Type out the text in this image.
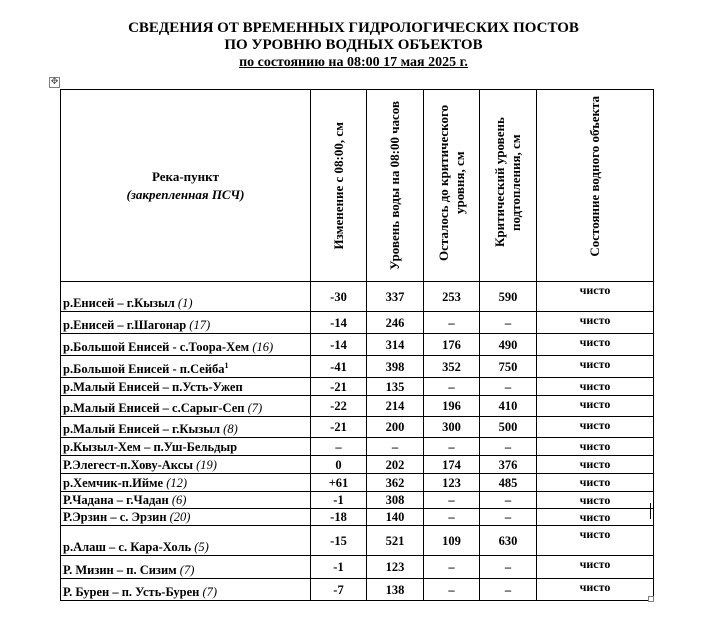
СВЕДЕНИЯ ОТ ВРЕМЕННЫХ ГИДРОЛОГИЧЕСКИХ ПОСТОВ
ПО УРОВНЮ ВОДНЫХ ОБЪЕКТОВ
по состоянию на 08:00 17 мая 2025 г.
✥
Река-пункт
(закрепленная ПСЧ)	Изменение с 08:00, см	Уровень воды на 08:00 часов	Осталось до критического уровня, см	Критический уровень подтопления, см	Состояние водного объекта

р.Енисей – г.Кызыл (1)	-30	337	253	590	чисто
р.Енисей – г.Шагонар (17)	-14	246	–	–	чисто
р.Большой Енисей - с.Тоора-Хем (16)	-14	314	176	490	чисто
р.Большой Енисей - п.Сейба$^1$	-41	398	352	750	чисто
р.Малый Енисей – п.Усть-Ужеп	-21	135	–	–	чисто
р.Малый Енисей – с.Сарыг-Сеп (7)	-22	214	196	410	чисто
р.Малый Енисей – г.Кызыл (8)	-21	200	300	500	чисто
р.Кызыл-Хем – п.Уш-Бельдыр	–	–	–	–	чисто
Р.Элегест-п.Хову-Аксы (19)	0	202	174	376	чисто
р.Хемчик-п.Ийме (12)	+61	362	123	485	чисто
Р.Чадана – г.Чадан (6)	-1	308	–	–	чисто
Р.Эрзин – с. Эрзин (20)	-18	140	–	–	чисто
р.Алаш – с. Кара-Холь (5)	-15	521	109	630	чисто
Р. Мизин – п. Сизим (7)	-1	123	–	–	чисто
Р. Бурен – п. Усть-Бурен (7)	-7	138	–	–	чисто
